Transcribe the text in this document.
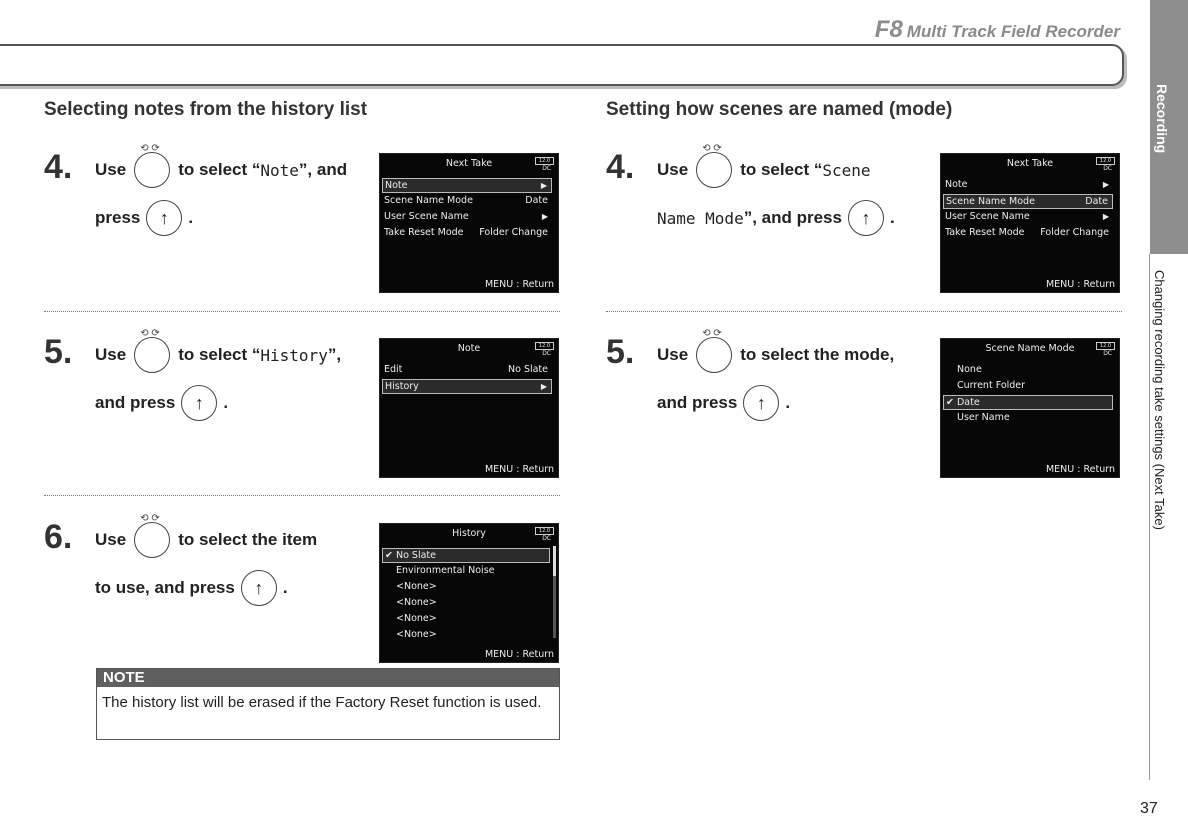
F8 Multi Track Field Recorder
Recording
Changing recording take settings (Next Take)
37
Selecting notes from the history list
4. Use
⟲ ⟳
to select “ Note ”, and
press	↑	.
Next Take	12.0
DC
Note	▶
Scene Name Mode	Date
User Scene Name	▶
Take Reset Mode Folder Change
MENU : Return
5. Use
⟲ ⟳
to select “ History ”,
and press	↑	.
Note	12.0
DC
Edit	No Slate
History	▶
MENU : Return
6. Use
⟲ ⟳
to select the item
to use, and press	↑	.
History	12.0
DC
✔ No Slate
Environmental Noise
<None>
<None>
<None>
<None>
MENU : Return
NOTE
The history list will be erased if the Factory Reset function is used.
Setting how scenes are named (mode)
4. Use
⟲ ⟳
to select “ Scene
Name Mode ”, and press	↑	.
Next Take	12.0
DC
Note	▶
Scene Name Mode	Date
User Scene Name	▶
Take Reset Mode Folder Change
MENU : Return
5. Use
⟲ ⟳
to select the mode,
and press	↑	.
Scene Name Mode	12.0
DC
None
Current Folder
✔ Date
User Name
MENU : Return
